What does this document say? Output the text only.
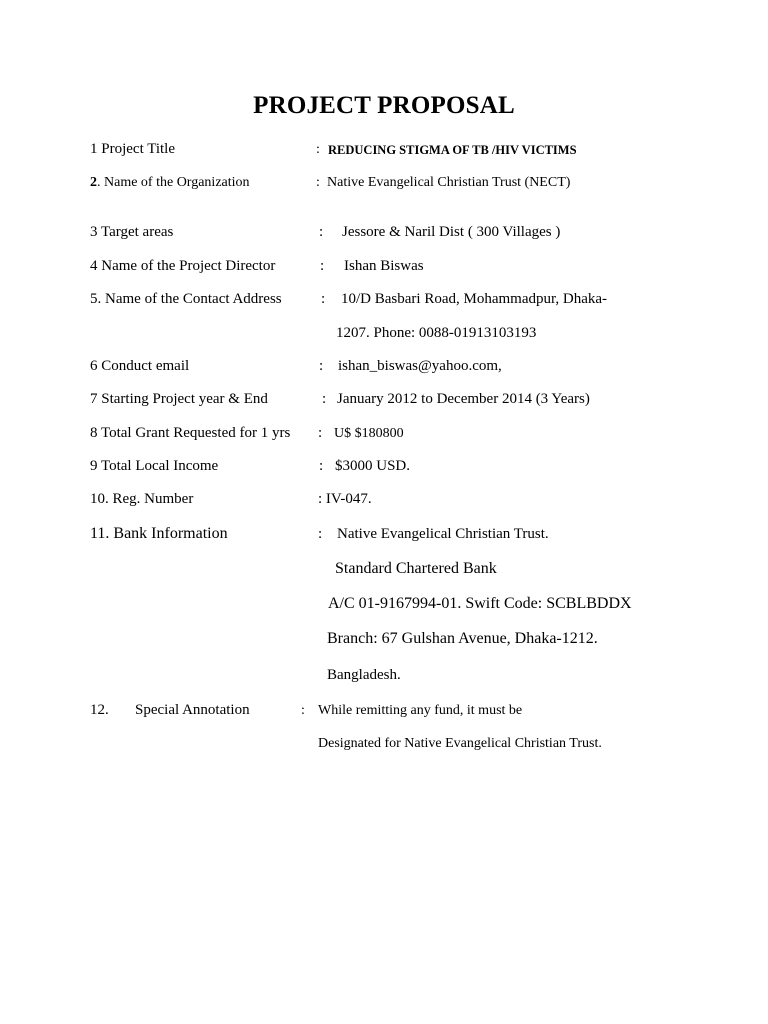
PROJECT PROPOSAL
1 Project Title	: REDUCING STIGMA OF TB /HIV VICTIMS
2 . Name of the Organization	: Native Evangelical Christian Trust (NECT)
3 Target areas	: Jessore & Naril Dist ( 300 Villages )
4 Name of the Project Director	: Ishan Biswas
5. Name of the Contact Address	: 10/D Basbari Road, Mohammadpur, Dhaka-
1207. Phone: 0088-01913103193
6 Conduct email	: ishan_biswas@yahoo.com,
7 Starting Project year & End	: January 2012 to December 2014 (3 Years)
8 Total Grant Requested for 1 yrs : U$ $180800
9 Total Local Income	: $3000 USD.
10. Reg. Number	: IV-047.
11. Bank Information	: Native Evangelical Christian Trust.
Standard Chartered Bank
A/C 01-9167994-01. Swift Code: SCBLBDDX
Branch: 67 Gulshan Avenue, Dhaka-1212.
Bangladesh.
12. Special Annotation	: While remitting any fund, it must be
Designated for Native Evangelical Christian Trust.
